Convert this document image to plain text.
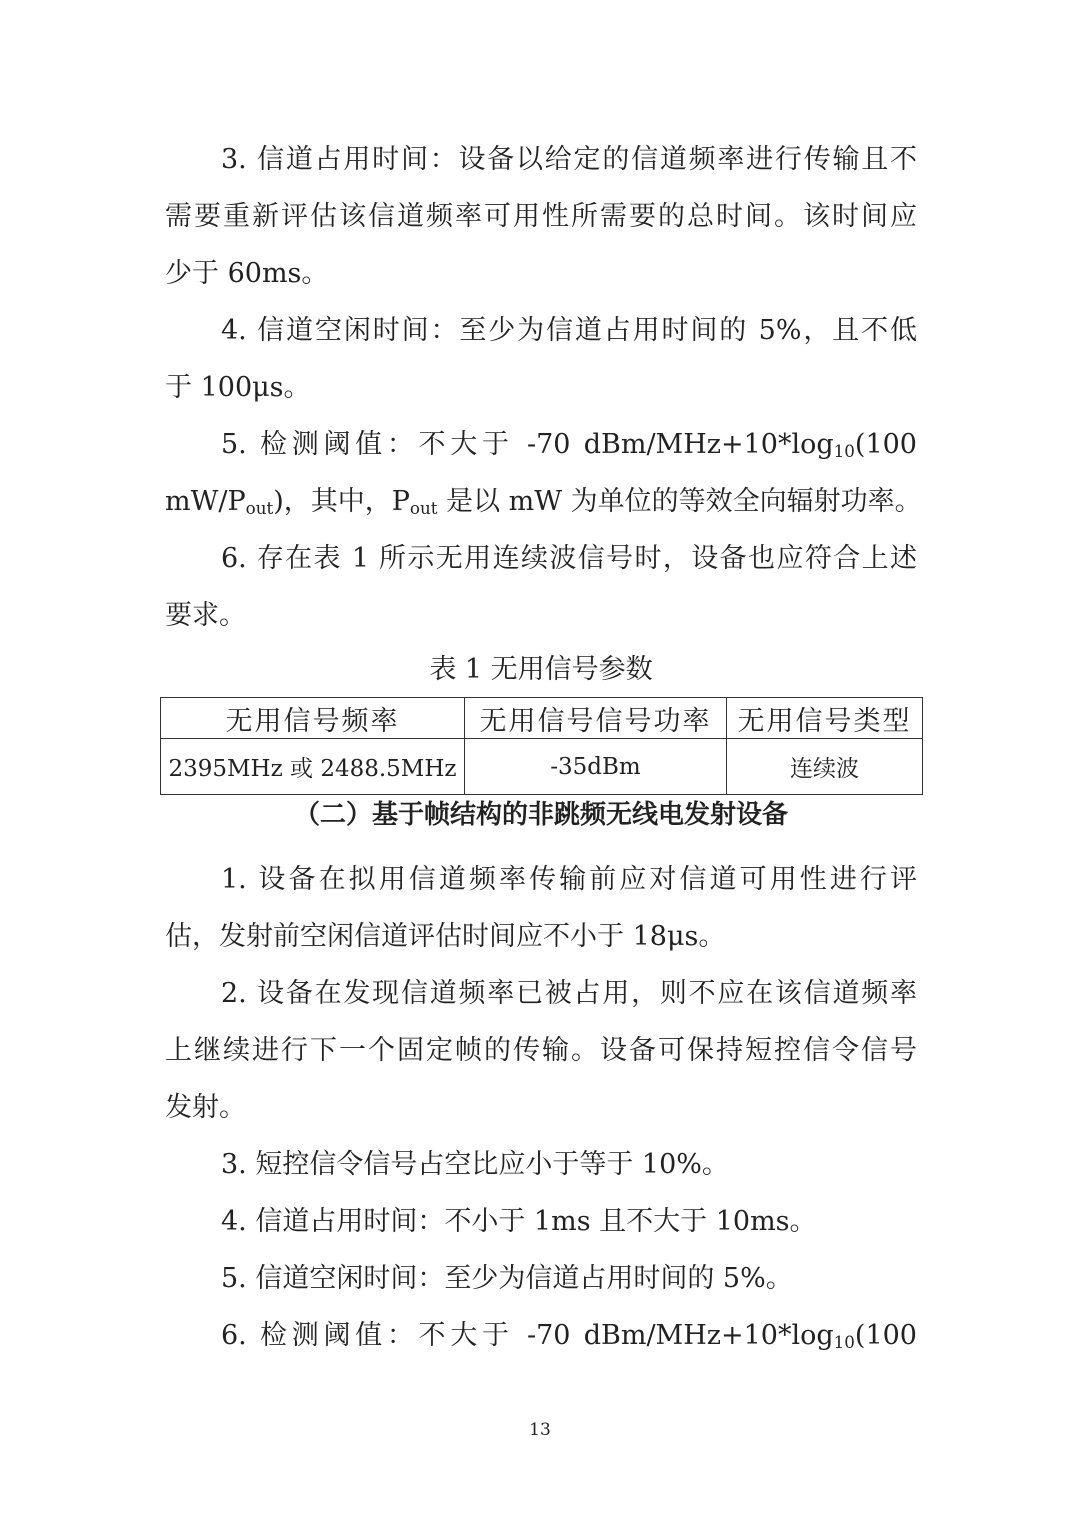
3. 信道占用时间：设备以给定的信道频率进行传输且不
需要重新评估该信道频率可用性所需要的总时间。该时间应
少于 60ms。
4. 信道空闲时间：至少为信道占用时间的 5%，且不低
于 100μs。
5. 检测阈值：不大于 -70 dBm/$MHz+10*\log_{10}(100$
$mW/P_{out}$)，其中，$P_{out}$ 是以 mW 为单位的等效全向辐射功率。
6. 存在表 1 所示无用连续波信号时，设备也应符合上述
要求。
表 1 无用信号参数
无用信号频率	无用信号信号功率	无用信号类型
2395MHz 或 2488.5MHz	-35dBm	连续波
（二）基于帧结构的非跳频无线电发射设备
1. 设备在拟用信道频率传输前应对信道可用性进行评
估，发射前空闲信道评估时间应不小于 18μs。
2. 设备在发现信道频率已被占用，则不应在该信道频率
上继续进行下一个固定帧的传输。设备可保持短控信令信号
发射。
3. 短控信令信号占空比应小于等于 10%。
4. 信道占用时间：不小于 1ms 且不大于 10ms。
5. 信道空闲时间：至少为信道占用时间的 5%。
6. 检测阈值：不大于 -70 dBm/$MHz+10*\log_{10}(100$
13
